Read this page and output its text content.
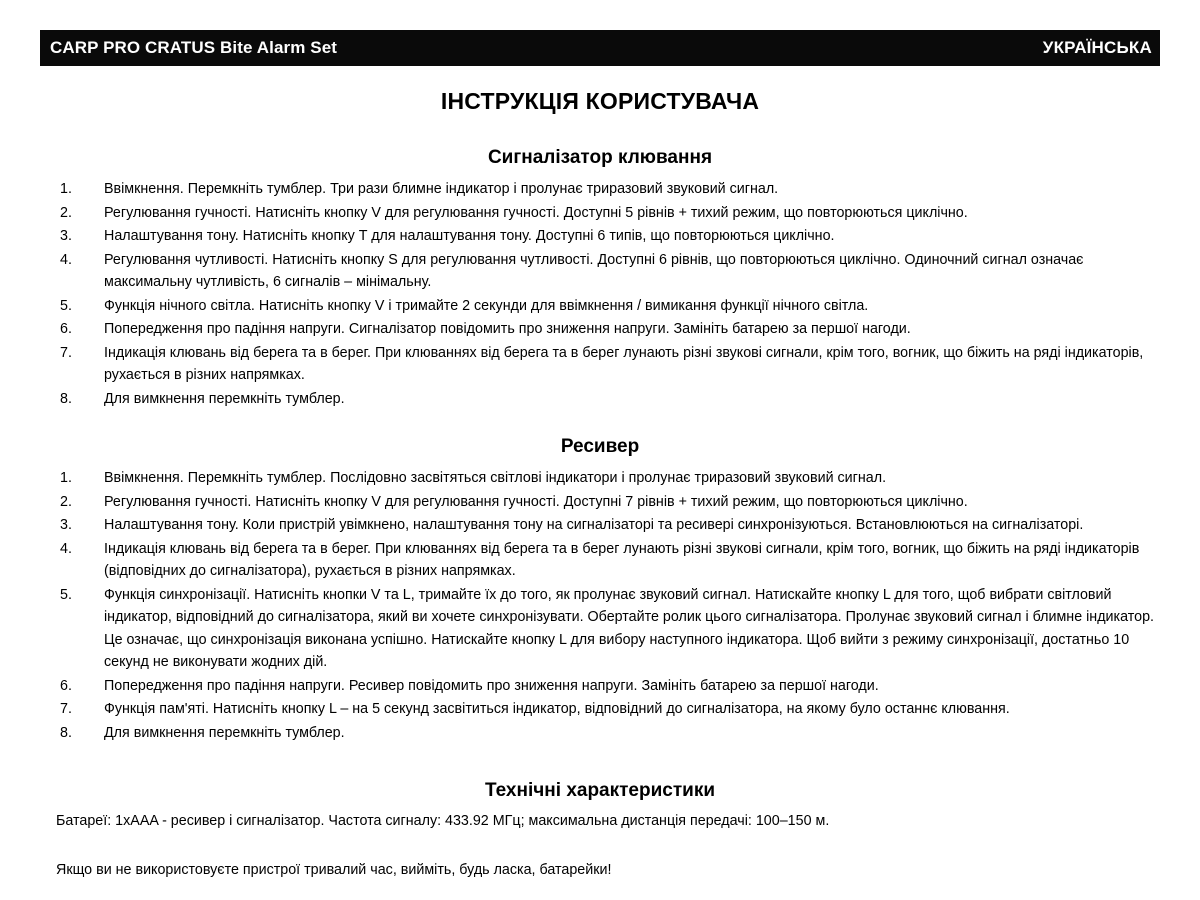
CARP PRO CRATUS Bite Alarm Set	УКРАЇНСЬКА
ІНСТРУКЦІЯ КОРИСТУВАЧА
Сигналізатор клювання
Ввімкнення. Перемкніть тумблер. Три рази блимне індикатор і пролунає триразовий звуковий сигнал.
Регулювання гучності. Натисніть кнопку V для регулювання гучності. Доступні 5 рівнів + тихий режим, що повторюються циклічно.
Налаштування тону. Натисніть кнопку T для налаштування тону. Доступні 6 типів, що повторюються циклічно.
Регулювання чутливості. Натисніть кнопку S для регулювання чутливості. Доступні 6 рівнів, що повторюються циклічно. Одиночний сигнал означає максимальну чутливість, 6 сигналів – мінімальну.
Функція нічного світла. Натисніть кнопку V і тримайте 2 секунди для ввімкнення / вимикання функції нічного світла.
Попередження про падіння напруги. Сигналізатор повідомить про зниження напруги. Замініть батарею за першої нагоди.
Індикація клювань від берега та в берег. При клюваннях від берега та в берег лунають різні звукові сигнали, крім того, вогник, що біжить на ряді індикаторів, рухається в різних напрямках.
Для вимкнення перемкніть тумблер.
Ресивер
Ввімкнення. Перемкніть тумблер. Послідовно засвітяться світлові індикатори і пролунає триразовий звуковий сигнал.
Регулювання гучності. Натисніть кнопку V для регулювання гучності. Доступні 7 рівнів + тихий режим, що повторюються циклічно.
Налаштування тону. Коли пристрій увімкнено, налаштування тону на сигналізаторі та ресивері синхронізуються. Встановлюються на сигналізаторі.
Індикація клювань від берега та в берег. При клюваннях від берега та в берег лунають різні звукові сигнали, крім того, вогник, що біжить на ряді індикаторів (відповідних до сигналізатора), рухається в різних напрямках.
Функція синхронізації. Натисніть кнопки V та L, тримайте їх до того, як пролунає звуковий сигнал. Натискайте кнопку L для того, щоб вибрати світловий індикатор, відповідний до сигналізатора, який ви хочете синхронізувати. Обертайте ролик цього сигналізатора. Пролунає звуковий сигнал і блимне індикатор. Це означає, що синхронізація виконана успішно. Натискайте кнопку L для вибору наступного індикатора. Щоб вийти з режиму синхронізації, достатньо 10 секунд не виконувати жодних дій.
Попередження про падіння напруги. Ресивер повідомить про зниження напруги. Замініть батарею за першої нагоди.
Функція пам'яті. Натисніть кнопку L – на 5 секунд засвітиться індикатор, відповідний до сигналізатора, на якому було останнє клювання.
Для вимкнення перемкніть тумблер.
Технічні характеристики

Батареї: 1xAAA - ресивер і сигналізатор. Частота сигналу: 433.92 МГц; максимальна дистанція передачі: 100–150 м.

Якщо ви не використовуєте пристрої тривалий час, вийміть, будь ласка, батарейки!
